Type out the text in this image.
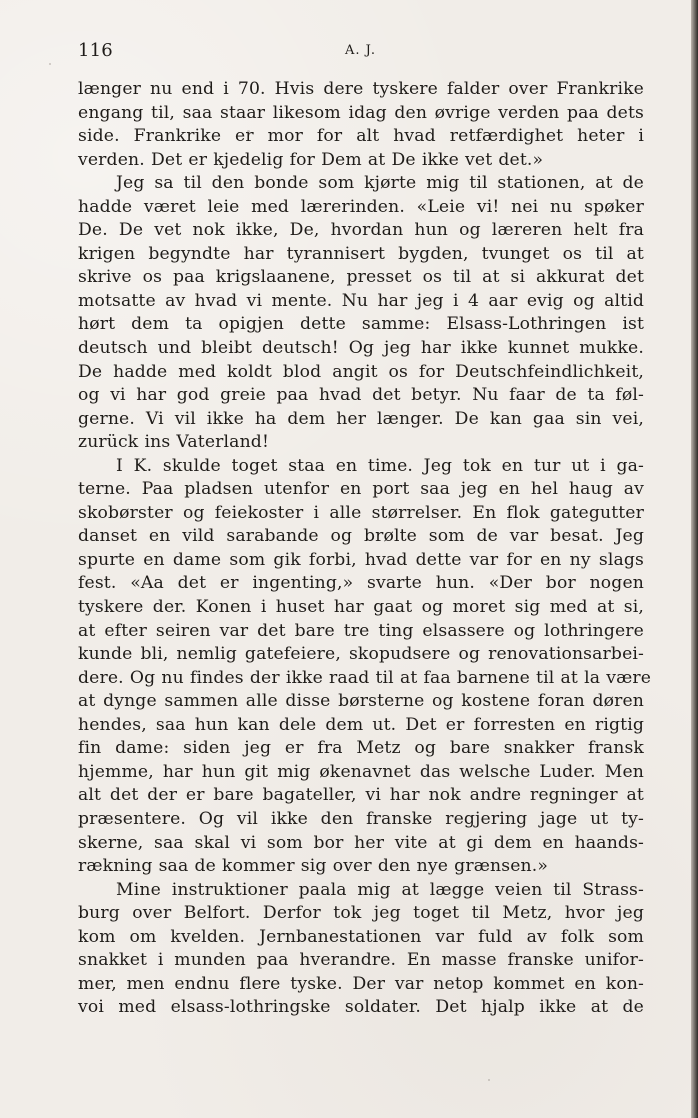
116	A. J.
længer nu end i 70. Hvis dere tyskere falder over Frankrike
engang til, saa staar likesom idag den øvrige verden paa dets
side. Frankrike er mor for alt hvad retfærdighet heter i
verden. Det er kjedelig for Dem at De ikke vet det.»
Jeg sa til den bonde som kjørte mig til stationen, at de
hadde været leie med lærerinden. «Leie vi! nei nu spøker
De. De vet nok ikke, De, hvordan hun og læreren helt fra
krigen begyndte har tyrannisert bygden, tvunget os til at
skrive os paa krigslaanene, presset os til at si akkurat det
motsatte av hvad vi mente. Nu har jeg i 4 aar evig og altid
hørt dem ta opigjen dette samme: Elsass-Lothringen ist
deutsch und bleibt deutsch! Og jeg har ikke kunnet mukke.
De hadde med koldt blod angit os for Deutschfeindlichkeit,
og vi har god greie paa hvad det betyr. Nu faar de ta føl-
gerne. Vi vil ikke ha dem her længer. De kan gaa sin vei,
zurück ins Vaterland!
I K. skulde toget staa en time. Jeg tok en tur ut i ga-
terne. Paa pladsen utenfor en port saa jeg en hel haug av
skobørster og feiekoster i alle størrelser. En flok gategutter
danset en vild sarabande og brølte som de var besat. Jeg
spurte en dame som gik forbi, hvad dette var for en ny slags
fest. «Aa det er ingenting,» svarte hun. «Der bor nogen
tyskere der. Konen i huset har gaat og moret sig med at si,
at efter seiren var det bare tre ting elsassere og lothringere
kunde bli, nemlig gatefeiere, skopudsere og renovationsarbei-
dere. Og nu findes der ikke raad til at faa barnene til at la være
at dynge sammen alle disse børsterne og kostene foran døren
hendes, saa hun kan dele dem ut. Det er forresten en rigtig
fin dame: siden jeg er fra Metz og bare snakker fransk
hjemme, har hun git mig økenavnet das welsche Luder. Men
alt det der er bare bagateller, vi har nok andre regninger at
præsentere. Og vil ikke den franske regjering jage ut ty-
skerne, saa skal vi som bor her vite at gi dem en haands-
rækning saa de kommer sig over den nye grænsen.»
Mine instruktioner paala mig at lægge veien til Strass-
burg over Belfort. Derfor tok jeg toget til Metz, hvor jeg
kom om kvelden. Jernbanestationen var fuld av folk som
snakket i munden paa hverandre. En masse franske unifor-
mer, men endnu flere tyske. Der var netop kommet en kon-
voi med elsass-lothringske soldater. Det hjalp ikke at de
